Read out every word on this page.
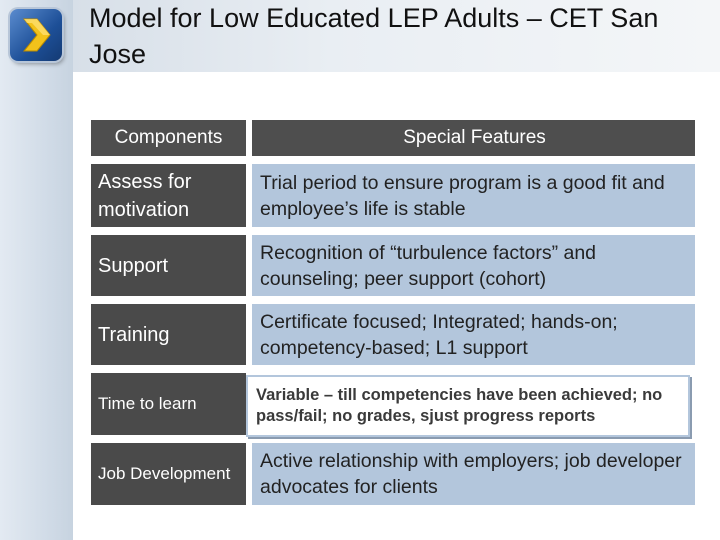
Model for Low Educated LEP Adults – CET San Jose
Components	Special Features
Assess for motivation
Trial period to ensure program is a good fit and employee’s life is stable
Support
Recognition of “turbulence factors” and counseling; peer support (cohort)
Training
Certificate focused; Integrated; hands-on; competency-based; L1 support
Time to learn	Variable – till competencies have been achieved; no pass/fail; no grades, sjust progress reports
Job Development
Active relationship with employers; job developer advocates for clients
